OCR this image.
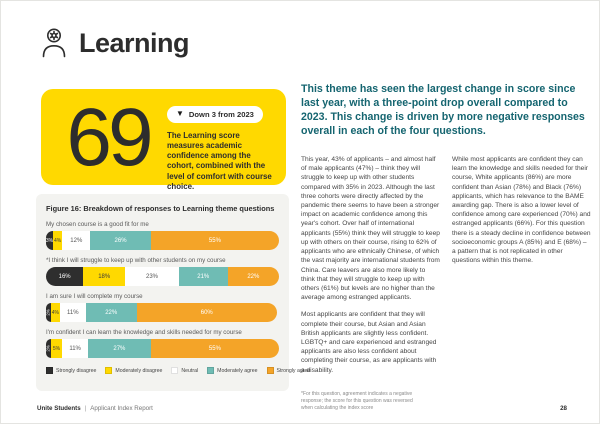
Learning
69	▼ Down 3 from 2023
The Learning score measures academic confidence among the cohort, combined with the level of comfort with course choice.
Figure 16: Breakdown of responses to Learning theme questions
My chosen course is a good fit for me
3% 4% 12%	26%	55%
*I think I will struggle to keep up with other students on my course
16%	18%	23%	21%	22%
I am sure I will complete my course
2% 4% 11%	22%	60%
I'm confident I can learn the knowledge and skills needed for my course
2% 5% 11%	27%	55%
Strongly disagree	Moderately disagree	Neutral	Moderately agree	Strongly agree
This theme has seen the largest change in score since last year, with a three-point drop overall compared to 2023. This change is driven by more negative responses overall in each of the four questions.
This year, 43% of applicants – and almost half of male applicants (47%) – think they will struggle to keep up with other students compared with 35% in 2023. Although the last three cohorts were directly affected by the pandemic there seems to have been a stronger impact on academic confidence among this year's cohort. Over half of international applicants (55%) think they will struggle to keep up with others on their course, rising to 62% of applicants who are ethnically Chinese, of which the vast majority are international students from China. Care leavers are also more likely to think that they will struggle to keep up with others (61%) but levels are no higher than the average among estranged applicants.
Most applicants are confident that they will complete their course, but Asian and Asian British applicants are slightly less confident. LGBTQ+ and care experienced and estranged applicants are also less confident about completing their course, as are applicants with a disability.
*For this question, agreement indicates a negative response; the score for this question was reversed when calculating the index score
While most applicants are confident they can learn the knowledge and skills needed for their course, White applicants (86%) are more confident than Asian (78%) and Black (76%) applicants, which has relevance to the BAME awarding gap. There is also a lower level of confidence among care experienced (70%) and estranged applicants (66%). For this question there is a steady decline in confidence between socioeconomic groups A (85%) and E (68%) – a pattern that is not replicated in other questions within this theme.
Unite Students | Applicant Index Report	28
